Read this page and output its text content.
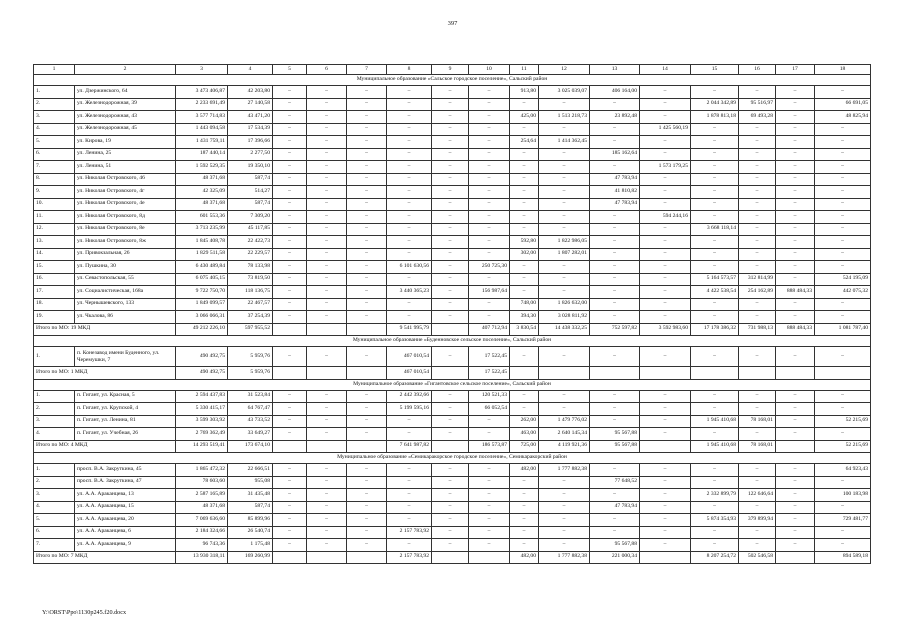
397
1	2	3	4	5	6	7	8	9	10	11	12	13	14	15	16	17	18
Муниципальное образование «Сальское городское поселение», Сальский район																	
1.	ул. Дзержинского, 64	3 473 406,87	42 203,80	–	–	–	–	–	–	913,80	3 025 039,07	406 164,00	–	–	–	–	–
2.	ул. Железнодорожная, 39	2 233 691,49	27 140,58	–	–	–	–	–	–	–	–	–	–	2 044 342,89	95 516,97	–	66 691,05
3.	ул. Железнодорожная, 43	3 577 714,83	43 471,20	–	–	–	–	–	–	425,00	1 513 218,73	23 892,48	–	1 878 813,18	69 493,28	–	48 825,94
4.	ул. Железнодорожная, 45	1 443 094,58	17 534,39	–	–	–	–	–	–	–	–	–	1 425 560,19	–	–	–	–
5.	ул. Кирова, 19	1 431 759,11	17 396,66	–	–	–	–	–	–	254,64	1 414 362,45	–	–	–	–	–	–
6.	ул. Ленина, 25	187 440,14	2 277,50	–	–	–	–	–	–	–	–	185 162,64	–	–	–	–	–
7.	ул. Ленина, 51	1 592 529,35	19 350,10	–	–	–	–	–	–	–	–	–	1 573 179,25	–	–	–	–
8.	ул. Николая Островского, 46	48 371,68	587,74	–	–	–	–	–	–	–	–	47 783,94	–	–	–	–	–
9.	ул. Николая Островского, 4г	42 325,09	514,27	–	–	–	–	–	–	–	–	41 810,82	–	–	–	–	–
10.	ул. Николая Островского, 4е	48 371,68	587,74	–	–	–	–	–	–	–	–	47 783,94	–	–	–	–	–
11.	ул. Николая Островского, 8д	601 553,36	7 309,20	–	–	–	–	–	–	–	–	–	594 244,16	–	–	–	–
12.	ул. Николая Островского, 8е	3 713 235,99	45 117,85	–	–	–	–	–	–	–	–	–	–	3 668 118,14	–	–	–
13.	ул. Николая Островского, 8ж	1 845 408,78	22 422,73	–	–	–	–	–	–	592,80	1 822 986,05	–	–	–	–	–	–
14.	ул. Привокзальная, 26	1 829 511,58	22 229,57	–	–	–	–	–	–	302,00	1 807 282,01	–	–	–	–	–	–
15.	ул. Пушкина, 30	6 430 489,84	78 133,98	–	–	–	6 101 630,56	–	250 725,30	–	–	–	–	–	–	–	–
16.	ул. Севастопольская, 55	6 075 405,15	73 819,50	–	–	–	–	–	–	–	–	–	–	5 164 573,57	312 814,99	–	524 195,09
17.	ул. Социалистическая, 168а	9 722 750,70	118 136,75	–	–	–	3 440 365,23	–	156 987,64	–	–	–	–	4 422 538,54	254 162,89	888 484,33	442 075,32
18.	ул. Чернышевского, 133	1 849 099,57	22 467,57	–	–	–	–	–	–	748,00	1 826 632,00	–	–	–	–	–	–
19.	ул. Чкалова, 86	3 066 066,31	37 254,39	–	–	–	–	–	–	394,30	3 028 811,92	–	–	–	–	–	–
Итого по МО: 19 МКД		49 212 226,10	597 955,52				9 541 995,79		407 712,94	3 830,54	14 438 332,25	752 597,82	3 592 983,60	17 178 386,32	731 988,13	888 484,33	1 081 787,40
Муниципальное образование «Буденновское сельское поселение», Сальский район																	
1.	п. Конезавод имени Буденного, ул. Черемушки, 7	490 492,75	5 959,76	–	–	–	467 010,54	–	17 522,45	–	–	–	–	–	–	–	–
Итого по МО: 1 МКД		490 492,75	5 959,76				467 010,54		17 522,45								
Муниципальное образование «Гигантовское сельское поселение», Сальский район																	
1.	п. Гигант, ул. Красная, 5	2 594 437,83	31 523,84	–	–	–	2 442 392,66	–	120 521,33	–	–	–	–	–	–	–	–
2.	п. Гигант, ул. Крупской, 4	5 330 415,17	64 767,47	–	–	–	5 199 595,16	–	66 052,54	–	–	–	–	–	–	–	–
3.	п. Гигант, ул. Ленина, 81	3 599 303,92	43 733,52	–	–	–	–	–	–	262,00	1 479 776,02	–	–	1 945 410,68	78 168,01	–	52 215,69
4.	п. Гигант, ул. Учебная, 26	2 769 362,49	33 649,27	–	–	–	–	–	–	463,00	2 640 145,34	95 567,88	–	–	–	–	–
Итого по МО: 4 МКД		14 293 519,41	173 674,10				7 641 987,82		186 573,87	725,00	4 119 921,36	95 567,88		1 945 410,68	78 168,01		52 215,69
Муниципальное образование «Семикаракорское городское поселение», Семикаракорский район																	
1.	просп. В.А. Закруткина, 45	1 865 472,32	22 666,51	–	–	–	–	–	–	482,00	1 777 882,38	–	–	–	–	–	64 923,43
2.	просп. В.А. Закруткина, 47	78 603,60	955,08	–	–	–	–	–	–	–	–	77 648,52	–	–	–	–	–
3.	ул. А.А. Араканцева, 13	2 587 165,89	31 435,48	–	–	–	–	–	–	–	–	–	–	2 332 899,79	122 646,64	–	100 183,98
4.	ул. А.А. Араканцева, 15	48 371,68	587,74	–	–	–	–	–	–	–	–	47 783,94	–	–	–	–	–
5.	ул. А.А. Араканцева, 20	7 069 636,60	85 899,96	–	–	–	–	–	–	–	–	–	–	5 874 354,93	379 899,94	–	729 481,77
6.	ул. А.А. Араканцева, 6	2 184 324,66	26 540,74	–	–	–	2 157 783,92	–	–	–	–	–	–	–	–	–	–
7.	ул. А.А. Араканцева, 9	96 743,36	1 175,48	–	–	–	–	–	–	–	–	95 567,88	–	–	–	–	–
Итого по МО: 7 МКД		13 930 318,11	169 260,99				2 157 783,92			482,00	1 777 882,38	221 000,34		8 207 254,72	502 546,58		894 589,18
Y:\ORST\Ppo\1130p245.f20.docx
